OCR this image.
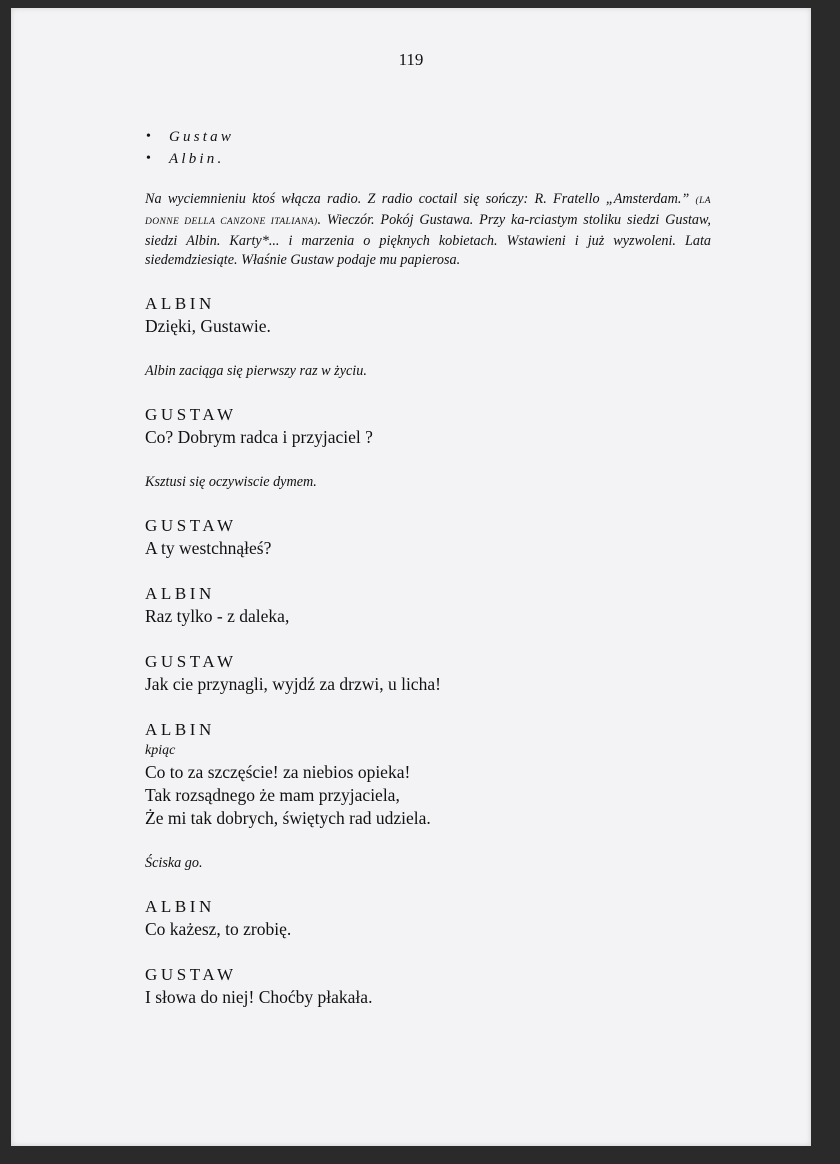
119
• Gustaw
• Albin.

Na wyciemnieniu ktoś włącza radio. Z radio coctail się sończy: R. Fratello „Amsterdam.” (LA DONNE DELLA CANZONE ITALIANA). Wieczór. Pokój Gustawa. Przy ka-rciastym stoliku siedzi Gustaw, siedzi Albin. Karty*... i marzenia o pięknych kobietach. Wstawieni i już wyzwoleni. Lata siedemdziesiąte. Właśnie Gustaw podaje mu papierosa.

ALBIN
Dzięki, Gustawie.

Albin zaciąga się pierwszy raz w życiu.

GUSTAW
Co? Dobrym radca i przyjaciel ?

Ksztusi się oczywiscie dymem.

GUSTAW
A ty westchnąłeś?
ALBIN
Raz tylko - z daleka,
GUSTAW
Jak cie przynagli, wyjdź za drzwi, u licha!
ALBIN
kpiąc
Co to za szczęście! za niebios opieka!
Tak rozsądnego że mam przyjaciela,
Że mi tak dobrych, świętych rad udziela.

Ściska go.

ALBIN
Co każesz, to zrobię.
GUSTAW
I słowa do niej! Choćby płakała.
